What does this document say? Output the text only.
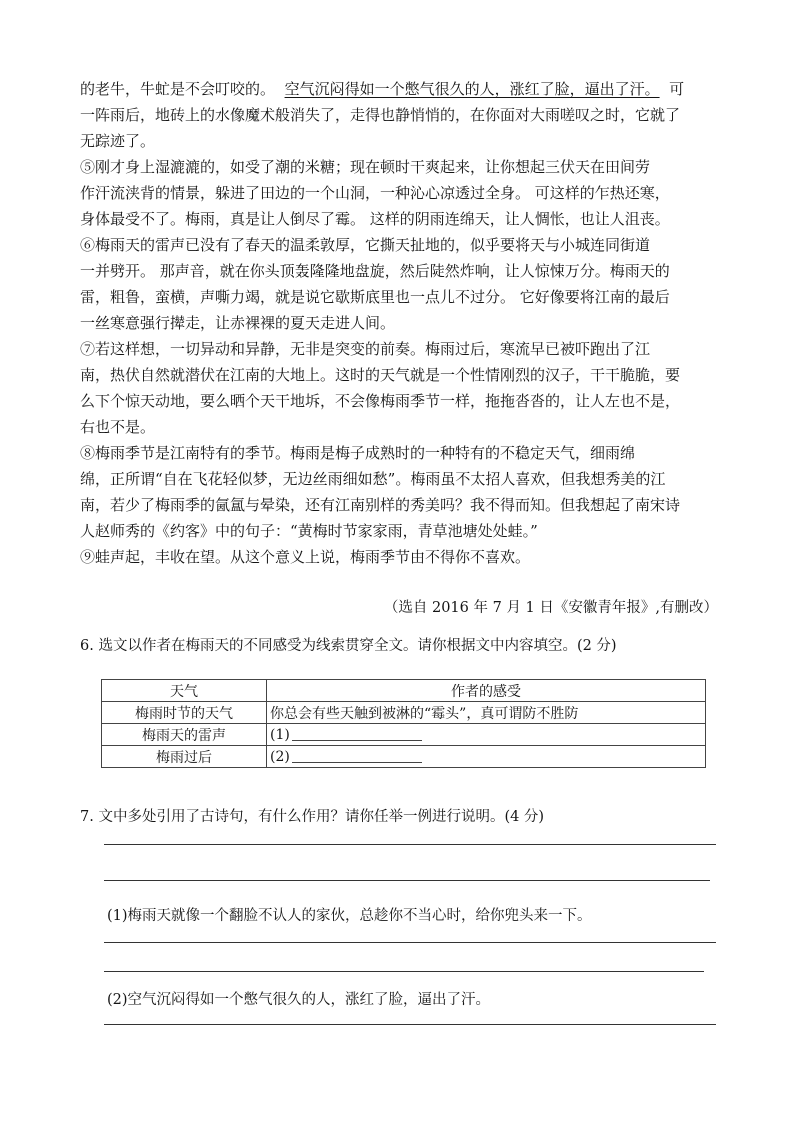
的老牛，牛虻是不会叮咬的。 空气沉闷得如一个憋气很久的人，涨红了脸，逼出了汗。 可
一阵雨后，地砖上的水像魔术般消失了，走得也静悄悄的，在你面对大雨嗟叹之时，它就了
无踪迹了。
⑤刚才身上湿漉漉的，如受了潮的米糖；现在顿时干爽起来，让你想起三伏天在田间劳
作汗流浃背的情景，躲进了田边的一个山洞，一种沁心凉透过全身。 可这样的乍热还寒，
身体最受不了。梅雨，真是让人倒尽了霉。 这样的阴雨连绵天，让人惆怅，也让人沮丧。
⑥梅雨天的雷声已没有了春天的温柔敦厚，它撕天扯地的，似乎要将天与小城连同街道
一并劈开。 那声音，就在你头顶轰隆隆地盘旋，然后陡然炸响，让人惊悚万分。梅雨天的
雷，粗鲁，蛮横，声嘶力竭，就是说它歇斯底里也一点儿不过分。 它好像要将江南的最后
一丝寒意强行撵走，让赤裸裸的夏天走进人间。
⑦若这样想，一切异动和异静，无非是突变的前奏。梅雨过后，寒流早已被吓跑出了江
南，热伏自然就潜伏在江南的大地上。这时的天气就是一个性情刚烈的汉子，干干脆脆，要
么下个惊天动地，要么晒个天干地坼，不会像梅雨季节一样，拖拖沓沓的，让人左也不是，
右也不是。
⑧梅雨季节是江南特有的季节。梅雨是梅子成熟时的一种特有的不稳定天气，细雨绵
绵，正所谓“自在飞花轻似梦，无边丝雨细如愁”。梅雨虽不太招人喜欢，但我想秀美的江
南，若少了梅雨季的氤氲与晕染，还有江南别样的秀美吗？我不得而知。但我想起了南宋诗
人赵师秀的《约客》中的句子：“黄梅时节家家雨，青草池塘处处蛙。”
⑨蛙声起，丰收在望。从这个意义上说，梅雨季节由不得你不喜欢。
（选自 2016 年 7 月 1 日《安徽青年报》,有删改）
6. 选文以作者在梅雨天的不同感受为线索贯穿全文。请你根据文中内容填空。(2 分)
天气	作者的感受
梅雨时节的天气	你总会有些天触到被淋的“霉头”，真可谓防不胜防
梅雨天的雷声	(1)
梅雨过后	(2)
7. 文中多处引用了古诗句，有什么作用？请你任举一例进行说明。(4 分)
(1)梅雨天就像一个翻脸不认人的家伙，总趁你不当心时，给你兜头来一下。
(2)空气沉闷得如一个憋气很久的人，涨红了脸，逼出了汗。
